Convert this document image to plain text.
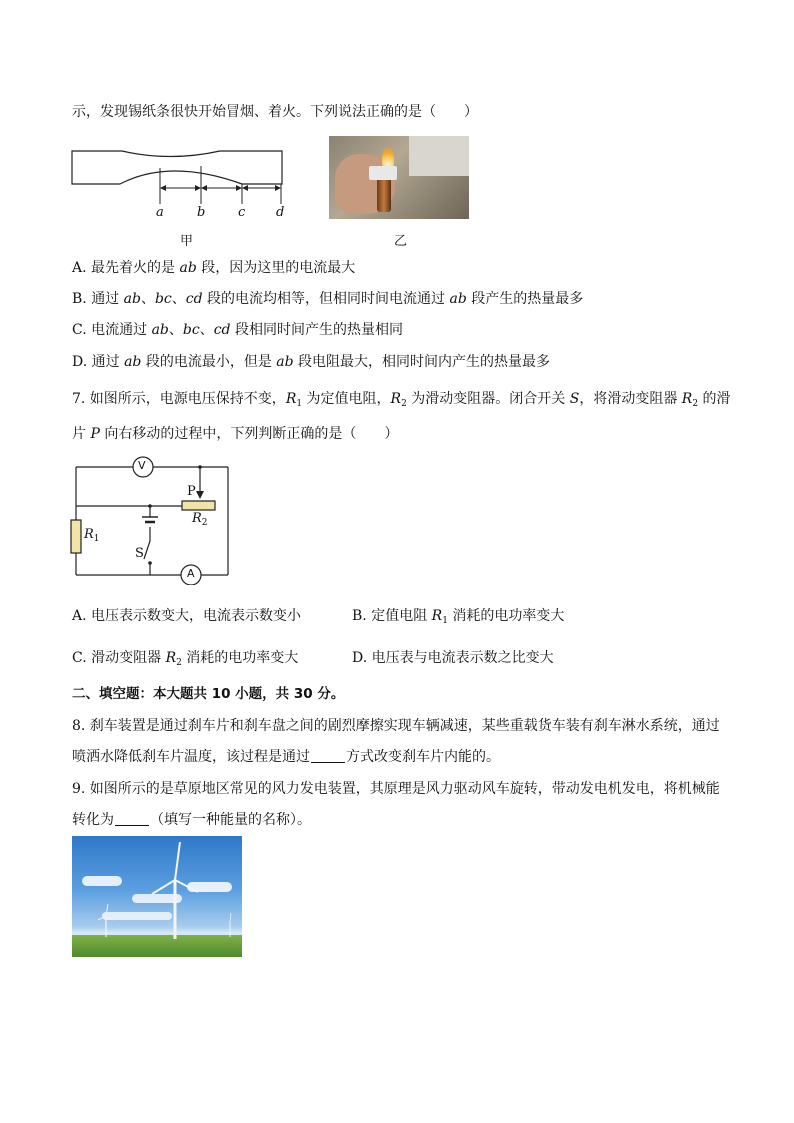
示，发现锡纸条很快开始冒烟、着火。下列说法正确的是（　　）
a	b	c d
甲	乙
A. 最先着火的是 ab 段，因为这里的电流最大
B. 通过 ab、bc、cd 段的电流均相等，但相同时间电流通过 ab 段产生的热量最多
C. 电流通过 ab、bc、cd 段相同时间产生的热量相同
D. 通过 ab 段的电流最小，但是 ab 段电阻最大，相同时间内产生的热量最多
7. 如图所示，电源电压保持不变，$R_1$ 为定值电阻，$R_2$ 为滑动变阻器。闭合开关 S，将滑动变阻器 $R_2$ 的滑
片 P 向右移动的过程中，下列判断正确的是（　　）
V
A
P
$R_2$
$R_1$
S
A. 电压表示数变大，电流表示数变小	B. 定值电阻 $R_1$ 消耗的电功率变大
C. 滑动变阻器 $R_2$ 消耗的电功率变大	D. 电压表与电流表示数之比变大
二、填空题：本大题共 10 小题，共 30 分。
8. 刹车装置是通过刹车片和刹车盘之间的剧烈摩擦实现车辆减速，某些重载货车装有刹车淋水系统，通过
喷洒水降低刹车片温度，该过程是通过	方式改变刹车片内能的。
9. 如图所示的是草原地区常见的风力发电装置，其原理是风力驱动风车旋转，带动发电机发电，将机械能
转化为	（填写一种能量的名称）。
